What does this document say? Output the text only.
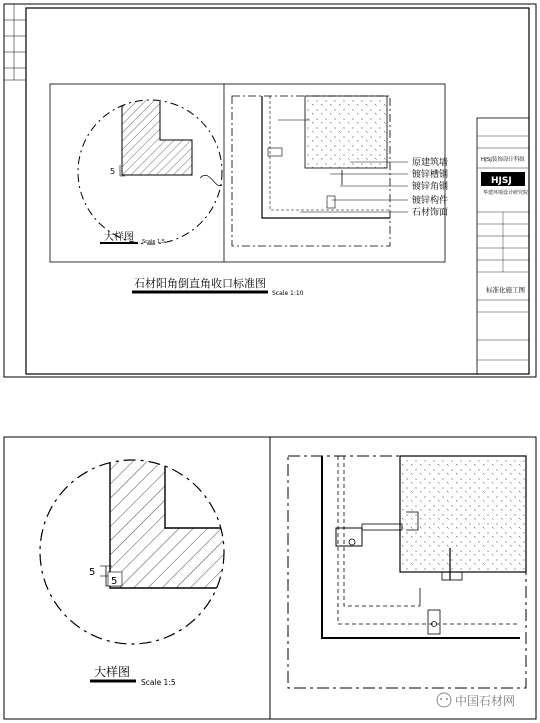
5
大样图 Scale 1:5
原建筑墙
镀锌槽钢
镀锌角钢
镀锌构件
石材饰面
石材阳角倒直角收口标准图
Scale 1:10
HJSJ装饰设计科组
HJSJ
华建环境设计研究院
标准化施工图
5
5
大样图
Scale 1:5
中国石材网
